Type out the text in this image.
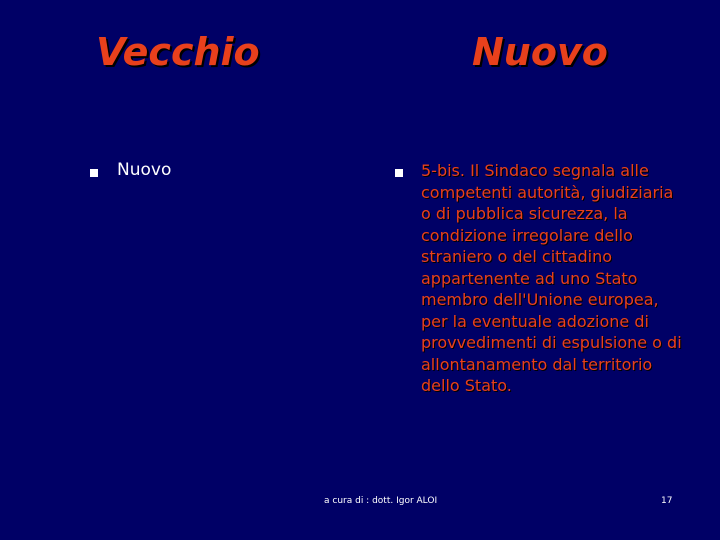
Vecchio	Nuovo
Nuovo	5-bis. Il Sindaco segnala alle competenti autorità, giudiziaria o di pubblica sicurezza, la condizione irregolare dello straniero o del cittadino appartenente ad uno Stato membro dell'Unione europea, per la eventuale adozione di provvedimenti di espulsione o di allontanamento dal territorio dello Stato.
a cura di : dott. Igor ALOI	17
